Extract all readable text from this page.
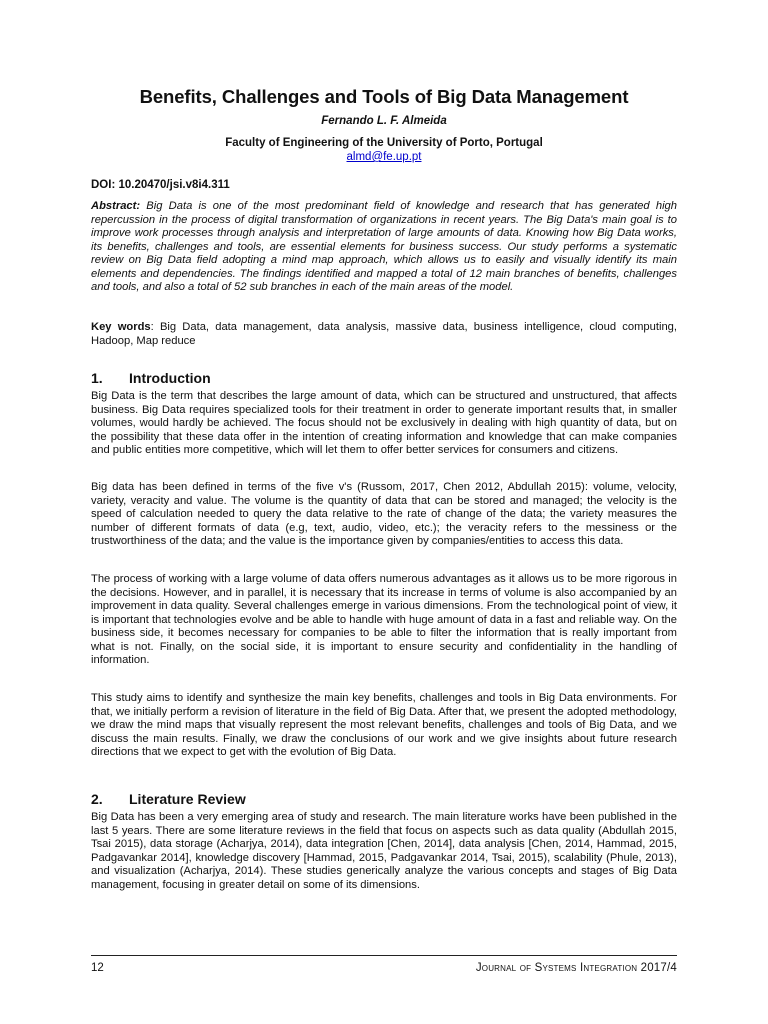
Benefits, Challenges and Tools of Big Data Management
Fernando L. F. Almeida
Faculty of Engineering of the University of Porto, Portugal
almd@fe.up.pt
DOI: 10.20470/jsi.v8i4.311
Abstract: Big Data is one of the most predominant field of knowledge and research that has generated high repercussion in the process of digital transformation of organizations in recent years. The Big Data's main goal is to improve work processes through analysis and interpretation of large amounts of data. Knowing how Big Data works, its benefits, challenges and tools, are essential elements for business success. Our study performs a systematic review on Big Data field adopting a mind map approach, which allows us to easily and visually identify its main elements and dependencies. The findings identified and mapped a total of 12 main branches of benefits, challenges and tools, and also a total of 52 sub branches in each of the main areas of the model.
Key words: Big Data, data management, data analysis, massive data, business intelligence, cloud computing, Hadoop, Map reduce
1. Introduction
Big Data is the term that describes the large amount of data, which can be structured and unstructured, that affects business. Big Data requires specialized tools for their treatment in order to generate important results that, in smaller volumes, would hardly be achieved. The focus should not be exclusively in dealing with high quantity of data, but on the possibility that these data offer in the intention of creating information and knowledge that can make companies and public entities more competitive, which will let them to offer better services for consumers and citizens.
Big data has been defined in terms of the five v's (Russom, 2017, Chen 2012, Abdullah 2015): volume, velocity, variety, veracity and value. The volume is the quantity of data that can be stored and managed; the velocity is the speed of calculation needed to query the data relative to the rate of change of the data; the variety measures the number of different formats of data (e.g, text, audio, video, etc.); the veracity refers to the messiness or the trustworthiness of the data; and the value is the importance given by companies/entities to access this data.
The process of working with a large volume of data offers numerous advantages as it allows us to be more rigorous in the decisions. However, and in parallel, it is necessary that its increase in terms of volume is also accompanied by an improvement in data quality. Several challenges emerge in various dimensions. From the technological point of view, it is important that technologies evolve and be able to handle with huge amount of data in a fast and reliable way. On the business side, it becomes necessary for companies to be able to filter the information that is really important from what is not. Finally, on the social side, it is important to ensure security and confidentiality in the handling of information.
This study aims to identify and synthesize the main key benefits, challenges and tools in Big Data environments. For that, we initially perform a revision of literature in the field of Big Data. After that, we present the adopted methodology, we draw the mind maps that visually represent the most relevant benefits, challenges and tools of Big Data, and we discuss the main results. Finally, we draw the conclusions of our work and we give insights about future research directions that we expect to get with the evolution of Big Data.
2. Literature Review
Big Data has been a very emerging area of study and research. The main literature works have been published in the last 5 years. There are some literature reviews in the field that focus on aspects such as data quality (Abdullah 2015, Tsai 2015), data storage (Acharjya, 2014), data integration [Chen, 2014], data analysis [Chen, 2014, Hammad, 2015, Padgavankar 2014], knowledge discovery [Hammad, 2015, Padgavankar 2014, Tsai, 2015), scalability (Phule, 2013), and visualization (Acharjya, 2014). These studies generically analyze the various concepts and stages of Big Data management, focusing in greater detail on some of its dimensions.
12	Journal of Systems Integration 2017/4
